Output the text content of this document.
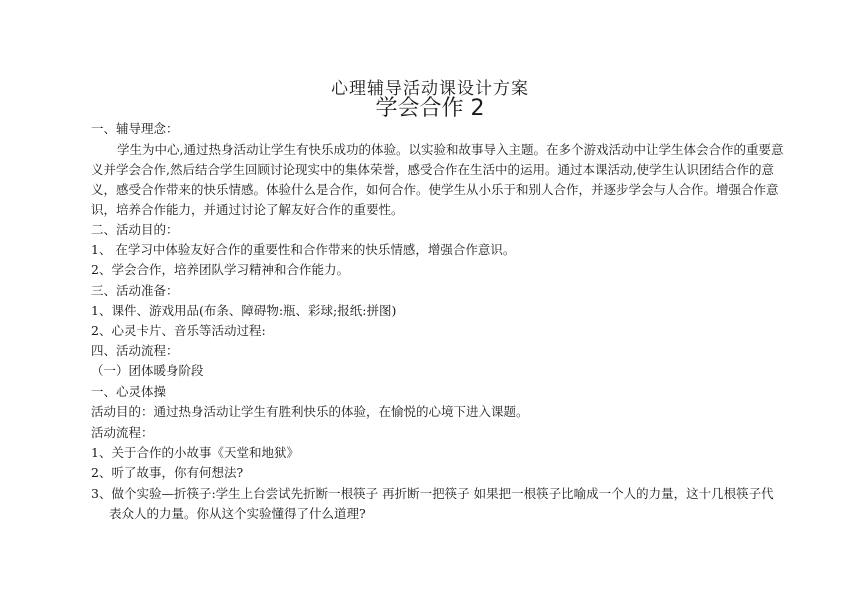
心理辅导活动课设计方案
学会合作 2
一、辅导理念：
学生为中心,通过热身活动让学生有快乐成功的体验。以实验和故事导入主题。在多个游戏活动中让学生体会合作的重要意
义并学会合作,然后结合学生回顾讨论现实中的集体荣誉，感受合作在生活中的运用。通过本课活动,使学生认识团结合作的意
义，感受合作带来的快乐情感。体验什么是合作，如何合作。使学生从小乐于和别人合作，并逐步学会与人合作。增强合作意
识，培养合作能力，并通过讨论了解友好合作的重要性。
二、活动目的：
1、 在学习中体验友好合作的重要性和合作带来的快乐情感，增强合作意识。
2、学会合作，培养团队学习精神和合作能力。
三、活动准备：
1、课件、游戏用品(布条、障碍物:瓶、彩球;报纸:拼图)
2、心灵卡片、音乐等活动过程:
四、活动流程：
（一）团体暖身阶段
一、心灵体操
活动目的：通过热身活动让学生有胜利快乐的体验，在愉悦的心境下进入课题。
活动流程：
1、关于合作的小故事《天堂和地狱》
2、听了故事，你有何想法?
3、做个实验—折筷子:学生上台尝试先折断一根筷子 再折断一把筷子 如果把一根筷子比喻成一个人的力量，这十几根筷子代
表众人的力量。你从这个实验懂得了什么道理?
